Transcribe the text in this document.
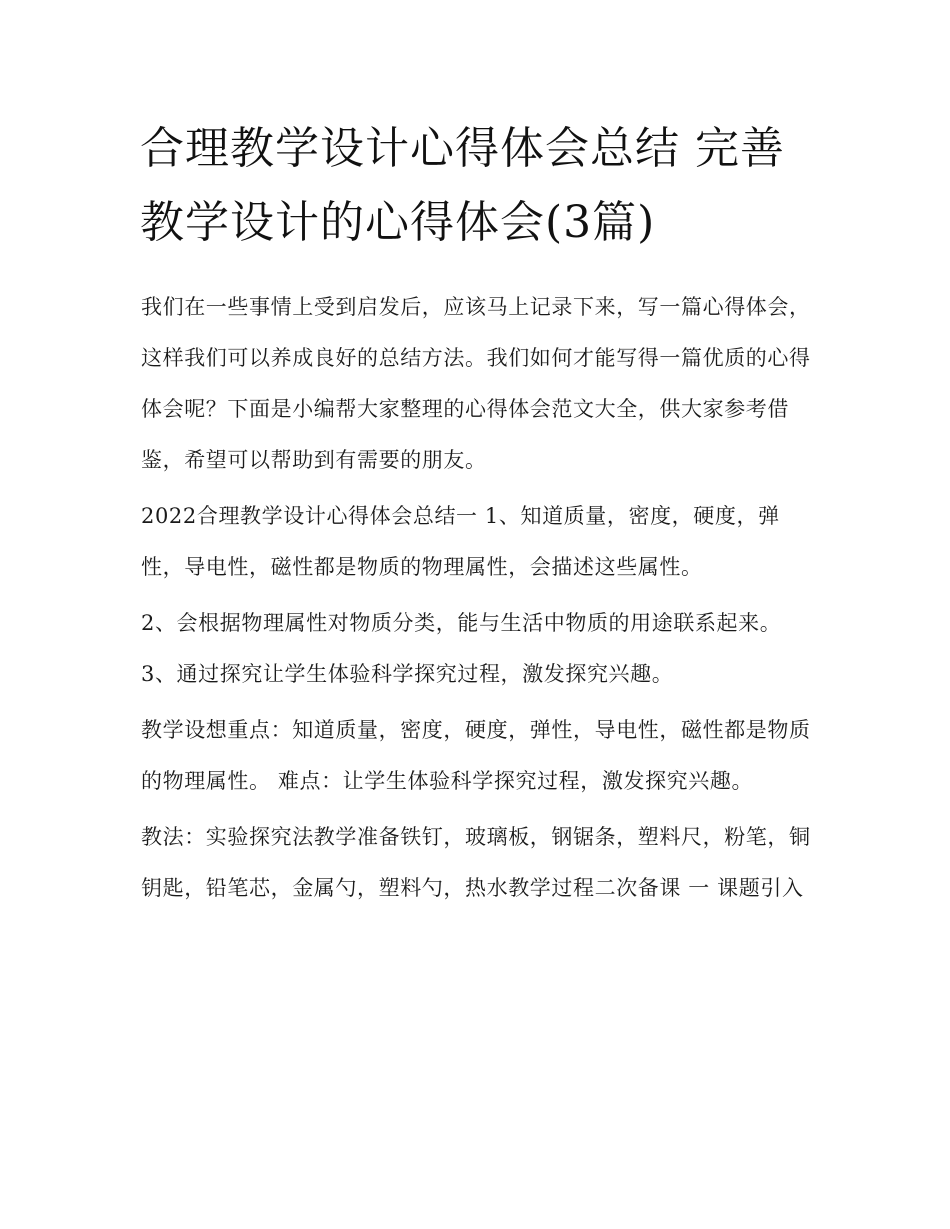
合理教学设计心得体会总结 完善教学设计的心得体会(3篇)

我们在一些事情上受到启发后，应该马上记录下来，写一篇心得体会，这样我们可以养成良好的总结方法。我们如何才能写得一篇优质的心得体会呢？下面是小编帮大家整理的心得体会范文大全，供大家参考借鉴，希望可以帮助到有需要的朋友。

2022合理教学设计心得体会总结一 1、知道质量，密度，硬度，弹性，导电性，磁性都是物质的物理属性，会描述这些属性。

2、会根据物理属性对物质分类，能与生活中物质的用途联系起来。 3、通过探究让学生体验科学探究过程，激发探究兴趣。

教学设想重点：知道质量，密度，硬度，弹性，导电性，磁性都是物质的物理属性。 难点：让学生体验科学探究过程，激发探究兴趣。

教法：实验探究法教学准备铁钉，玻璃板，钢锯条，塑料尺，粉笔，铜钥匙，铅笔芯，金属勺，塑料勺，热水教学过程二次备课 一 课题引入
